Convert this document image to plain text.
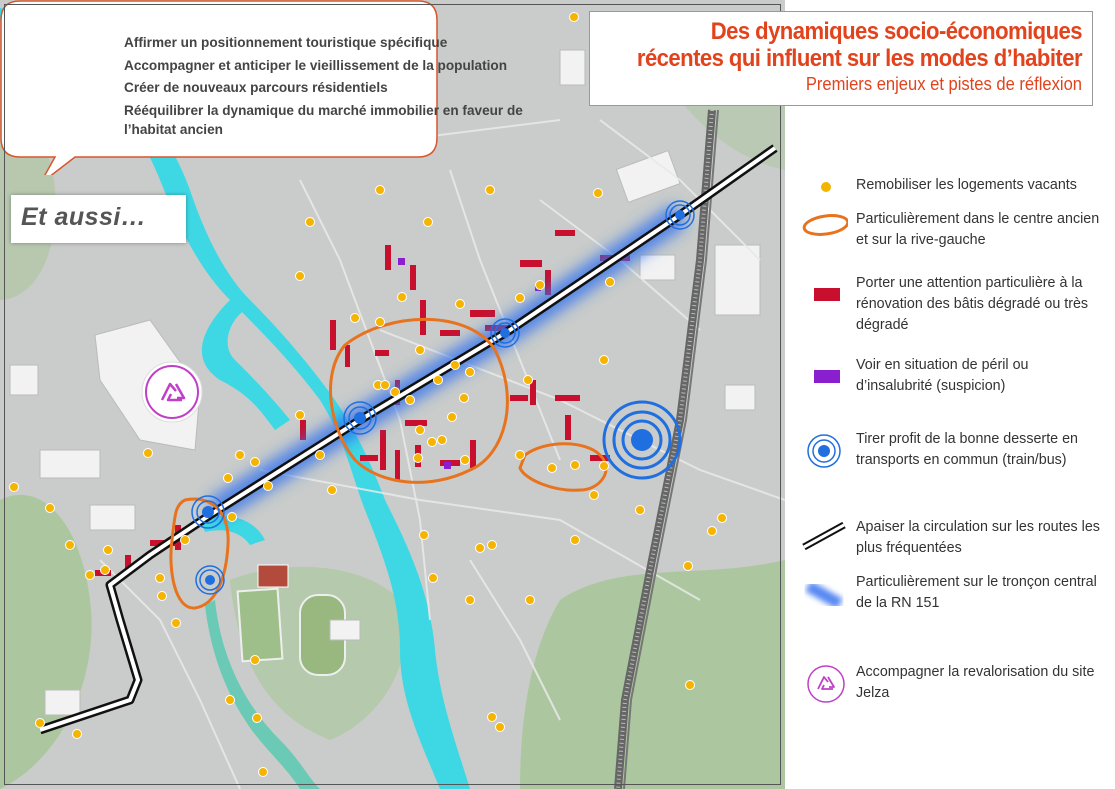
Affirmer un positionnement touristique spécifique
Accompagner et anticiper le vieillissement de la population
Créer de nouveaux parcours résidentiels
Rééquilibrer la dynamique du marché immobilier en faveur de l’habitat ancien
Et aussi…
Des dynamiques socio-économiques
récentes qui influent sur les modes d’habiter
Premiers enjeux et pistes de réflexion
Remobiliser les logements vacants
Particulièrement dans le centre ancien et sur la rive-gauche
Porter une attention particulière à la rénovation des bâtis dégradé ou très dégradé
Voir en situation de péril ou d’insalubrité (suspicion)
Tirer profit de la bonne desserte en transports en commun (train/bus)
Apaiser la circulation sur les routes les plus fréquentées
Particulièrement sur le tronçon central de la RN 151
Accompagner la revalorisation du site Jelza
